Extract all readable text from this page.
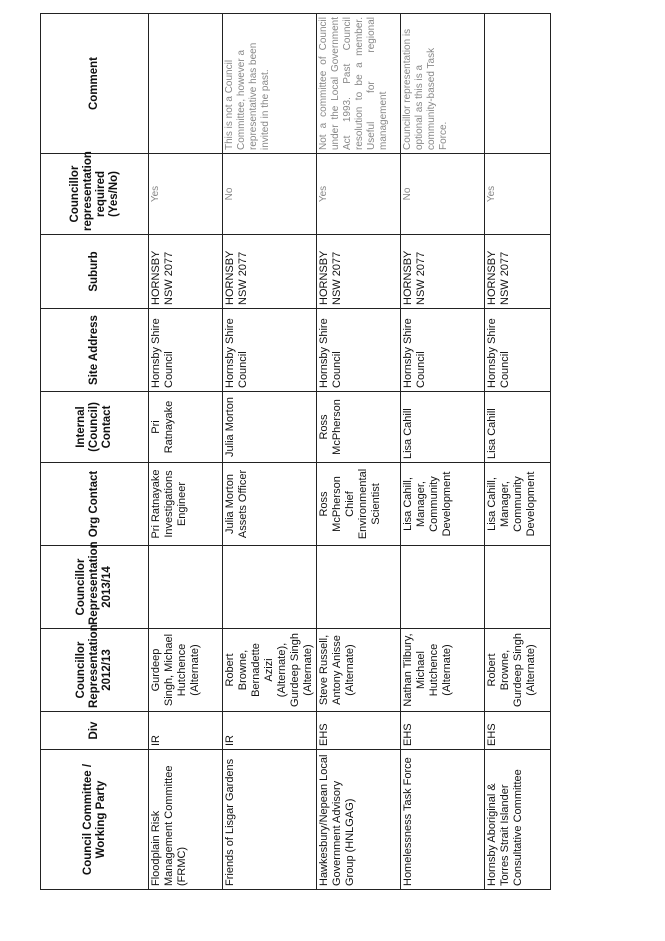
Council Committee / Working Party	Div	Councillor Representation 2012/13	Councillor Representation 2013/14	Org Contact	Internal (Council) Contact	Site Address	Suburb	Councillor representation required (Yes/No)	Comment
Floodplain Risk Management Committee (FRMC)	IR	Gurdeep Singh, Michael Hutchence (Alternate)		Pri Ratnayake Investigations Engineer	Pri Ratnayake	Hornsby Shire Council	HORNSBY NSW 2077	Yes	
Friends of Lisgar Gardens	IR	Robert Browne, Bernadette Azizi (Alternate), Gurdeep Singh (Alternate)		Julia Morton Assets Officer	Julia Morton	Hornsby Shire Council	HORNSBY NSW 2077	No	This is not a Council Committee, however a representative has been invited in the past.
Hawkesbury/Nepean Local Government Advisory Group (HNLGAG)	EHS	Steve Russell, Antony Anisse (Alternate)		Ross McPherson Chief Environmental Scientist	Ross McPherson	Hornsby Shire Council	HORNSBY NSW 2077	Yes	Not a committee of Council under the Local Government Act 1993. Past Council resolution to be a member. Useful for regional management
Homelessness Task Force	EHS	Nathan Tilbury, Michael Hutchence (Alternate)		Lisa Cahill, Manager, Community Development	Lisa Cahill	Hornsby Shire Council	HORNSBY NSW 2077	No	Councillor representation is optional as this is a community-based Task Force.
Hornsby Aboriginal & Torres Strait Islander Consultative Committee	EHS	Robert Browne, Gurdeep Singh (Alternate)		Lisa Cahill, Manager, Community Development	Lisa Cahill	Hornsby Shire Council	HORNSBY NSW 2077	Yes	
